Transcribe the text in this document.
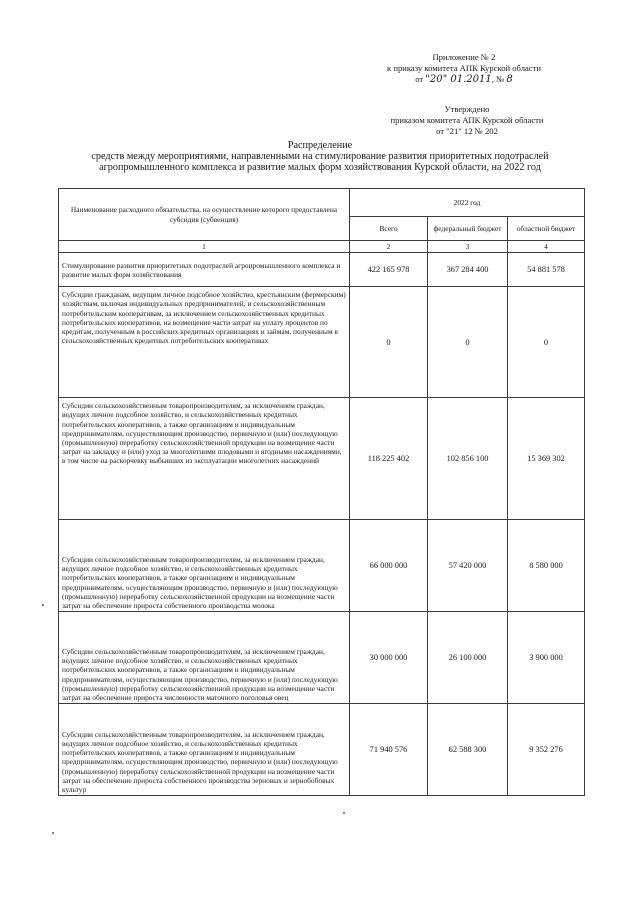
Приложение № 2
к приказу комитета АПК Курской области
от "20" 01.2011, № 8
Утверждено
приказом комитета АПК Курской области
от "21" 12 № 202
Распределение
средств между мероприятиями, направленными на стимулирование развития приоритетных подотраслей
агропромышленного комплекса и развитие малых форм хозяйствования Курской области, на 2022 год
Наименование расходного обязательства, на осуществление которого предоставлена субсидия (субвенция)	2022 год		
	Всего	федеральный бюджет	областной бюджет
1	2	3	4
Стимулирование развития приоритетных подотраслей агропромышленного комплекса и развитие малых форм хозяйствования	422 165 978	367 284 400	54 881 578
Субсидии гражданам, ведущим личное подсобное хозяйство, крестьянским (фермерским) хозяйствам, включая индивидуальных предпринимателей, и сельскохозяйственным потребительским кооперативам, за исключением сельскохозяйственных кредитных потребительских кооперативов, на возмещение части затрат на уплату процентов по кредитам, полученным в российских кредитных организациях и займам, полученным в сельскохозяйственных кредитных потребительских кооперативах	0	0	0
Субсидии сельскохозяйственным товаропроизводителям, за исключением граждан, ведущих личное подсобное хозяйство, и сельскохозяйственных кредитных потребительских кооперативов, а также организациям и индивидуальным предпринимателям, осуществляющим производство, первичную и (или) последующую (промышленную) переработку сельскохозяйственной продукции на возмещение части затрат на закладку и (или) уход за многолетними плодовыми и ягодными насаждениями, в том числе на раскорчевку выбывших из эксплуатации многолетних насаждений	118 225 402	102 856 100	15 369 302
Субсидии сельскохозяйственным товаропроизводителям, за исключением граждан, ведущих личное подсобное хозяйство, и сельскохозяйственных кредитных потребительских кооперативов, а также организациям и индивидуальным предпринимателям, осуществляющим производство, первичную и (или) последующую (промышленную) переработку сельскохозяйственной продукции на возмещение части затрат на обеспечение прироста собственного производства молока	66 000 000	57 420 000	8 580 000
Субсидии сельскохозяйственным товаропроизводителям, за исключением граждан, ведущих личное подсобное хозяйство, и сельскохозяйственных кредитных потребительских кооперативов, а также организациям и индивидуальным предпринимателям, осуществляющим производство, первичную и (или) последующую (промышленную) переработку сельскохозяйственной продукции на возмещение части затрат на обеспечение прироста численности маточного поголовья овец	30 000 000	26 100 000	3 900 000
Субсидии сельскохозяйственным товаропроизводителям, за исключением граждан, ведущих личное подсобное хозяйство, и сельскохозяйственных кредитных потребительских кооперативов, а также организациям и индивидуальным предпринимателям, осуществляющим производство, первичную и (или) последующую (промышленную) переработку сельскохозяйственной продукции на возмещение части затрат на обеспечение прироста собственного производства зерновых и зернобобовых культур	71 940 576	62 588 300	9 352 276
